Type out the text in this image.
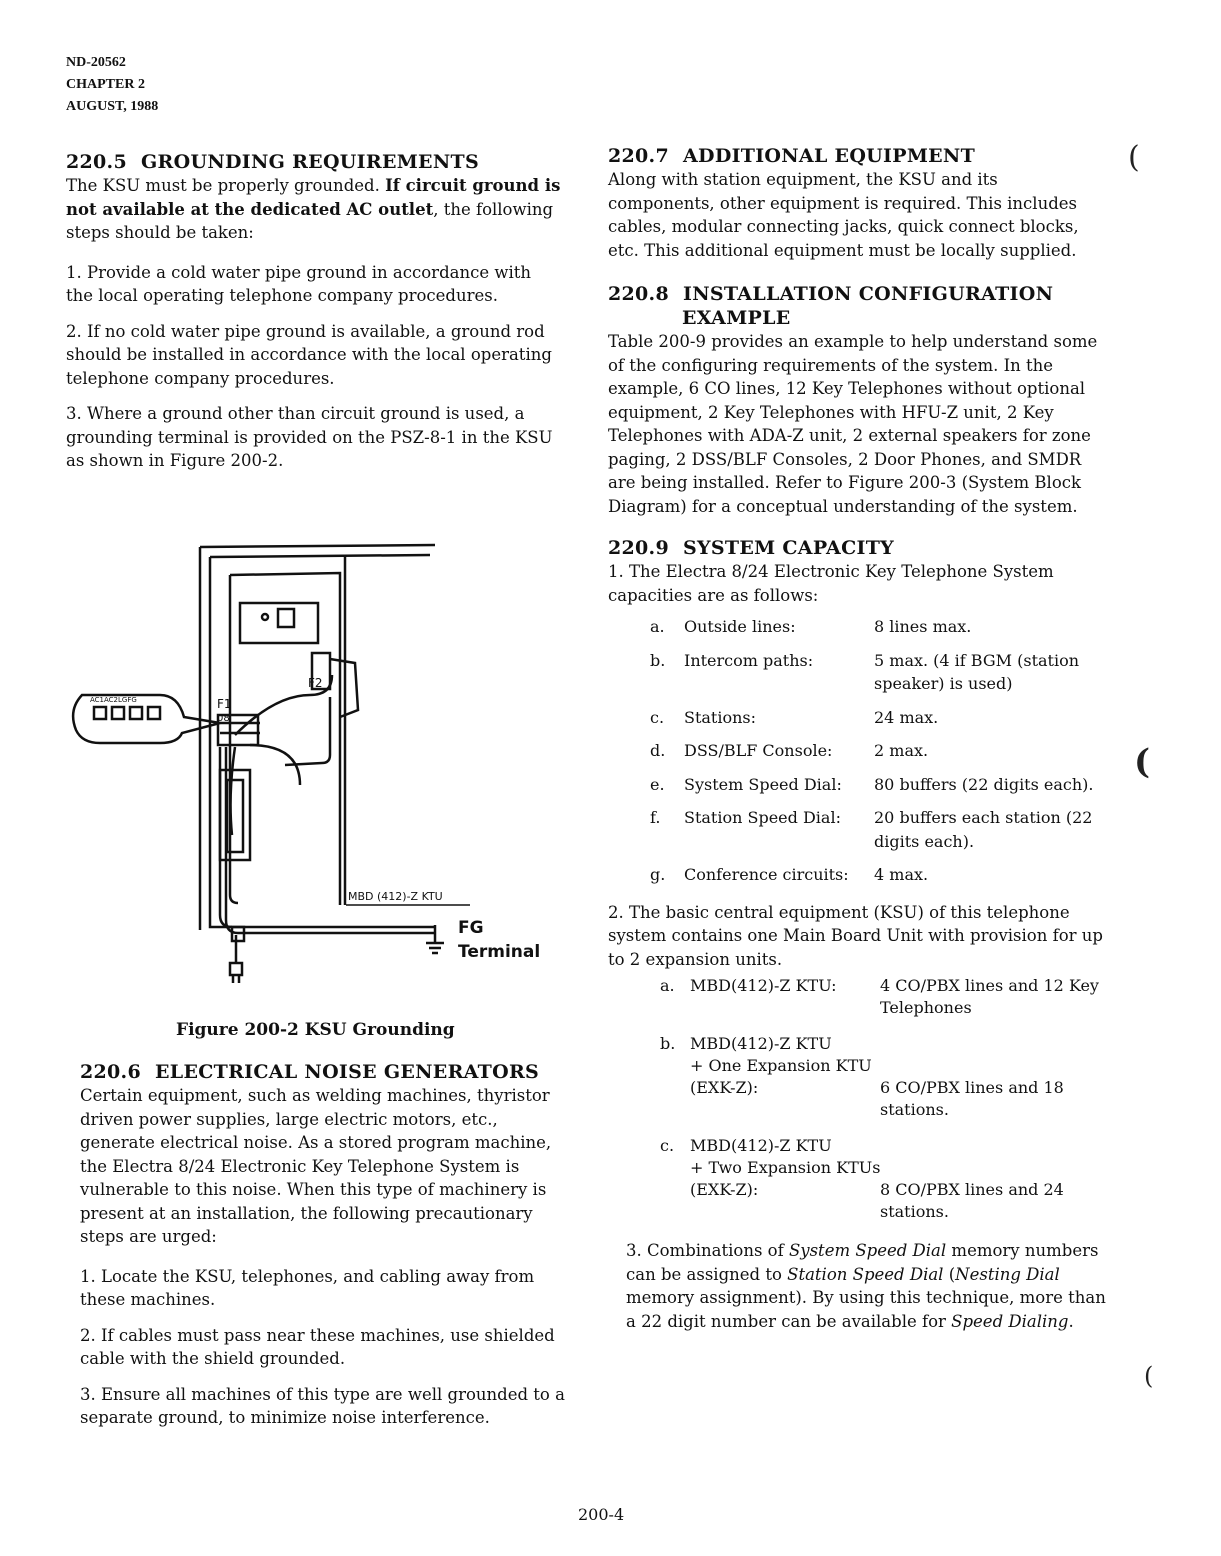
ND-20562
CHAPTER 2
AUGUST, 1988
220.5 GROUNDING REQUIREMENTS

The KSU must be properly grounded. If circuit ground is not available at the dedicated AC outlet, the following steps should be taken:

1. Provide a cold water pipe ground in accordance with the local operating telephone company procedures.

2. If no cold water pipe ground is available, a ground rod should be installed in accordance with the local operating telephone company procedures.

3. Where a ground other than circuit ground is used, a grounding terminal is provided on the PSZ-8-1 in the KSU as shown in Figure 200-2.

AC1AC2LGFG	F1
08
F2
MBD (412)-Z KTU
FG
Terminal
Figure 200-2 KSU Grounding
220.6 ELECTRICAL NOISE GENERATORS

Certain equipment, such as welding machines, thyristor driven power supplies, large electric motors, etc., generate electrical noise. As a stored program machine, the Electra 8/24 Electronic Key Telephone System is vulnerable to this noise. When this type of machinery is present at an installation, the following precautionary steps are urged:

1. Locate the KSU, telephones, and cabling away from these machines.

2. If cables must pass near these machines, use shielded cable with the shield grounded.

3. Ensure all machines of this type are well grounded to a separate ground, to minimize noise interference.

220.7 ADDITIONAL EQUIPMENT

Along with station equipment, the KSU and its components, other equipment is required. This includes cables, modular connecting jacks, quick connect blocks, etc. This additional equipment must be locally supplied.

220.8 INSTALLATION CONFIGURATION
EXAMPLE

Table 200-9 provides an example to help understand some of the configuring requirements of the system. In the example, 6 CO lines, 12 Key Telephones without optional equipment, 2 Key Telephones with HFU-Z unit, 2 Key Telephones with ADA-Z unit, 2 external speakers for zone paging, 2 DSS/BLF Consoles, 2 Door Phones, and SMDR are being installed. Refer to Figure 200-3 (System Block Diagram) for a conceptual understanding of the system.

220.9 SYSTEM CAPACITY

1. The Electra 8/24 Electronic Key Telephone System capacities are as follows:

a.	Outside lines:	8 lines max.
b.	Intercom paths:	5 max. (4 if BGM (station speaker) is used)
c.	Stations:	24 max.
d.	DSS/BLF Console:	2 max.
e.	System Speed Dial:	80 buffers (22 digits each).
f.	Station Speed Dial:	20 buffers each station (22 digits each).
g.	Conference circuits:	4 max.

2. The basic central equipment (KSU) of this telephone system contains one Main Board Unit with provision for up to 2 expansion units.

a. MBD(412)-Z KTU:	4 CO/PBX lines and 12 Key Telephones
b. MBD(412)-Z KTU
+ One Expansion KTU
(EXK-Z):	6 CO/PBX lines and 18 stations.
c. MBD(412)-Z KTU
+ Two Expansion KTUs
(EXK-Z):	8 CO/PBX lines and 24 stations.

3. Combinations of System Speed Dial memory numbers can be assigned to Station Speed Dial (Nesting Dial memory assignment). By using this technique, more than a 22 digit number can be available for Speed Dialing.

(
(
(
200-4
